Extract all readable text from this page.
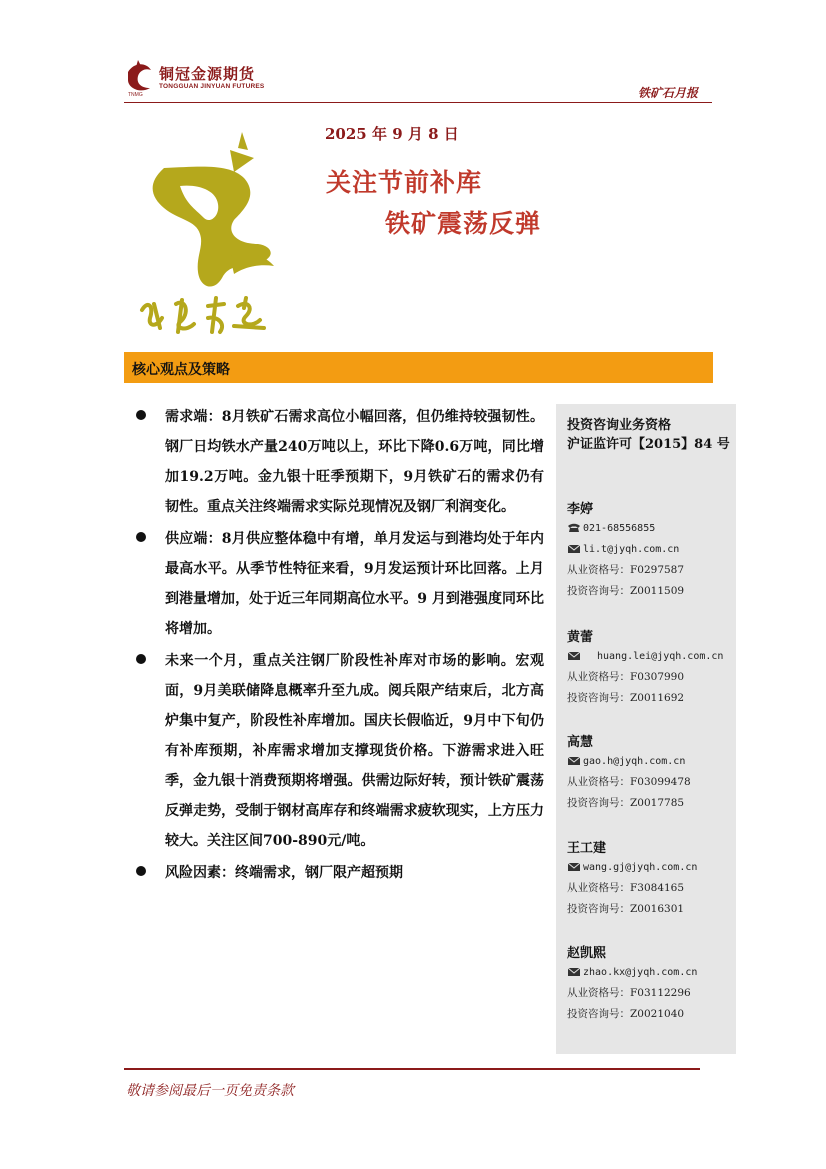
铜冠金源期货
TONGGUAN JINYUAN FUTURES
TNMG	铁矿石月报
2025 年 9 月 8 日
关注节前补库
铁矿震荡反弹
核心观点及策略
需求端：8月铁矿石需求高位小幅回落，但仍维持较强韧性。钢厂日均铁水产量240万吨以上，环比下降0.6万吨，同比增加19.2万吨。金九银十旺季预期下，9月铁矿石的需求仍有韧性。重点关注终端需求实际兑现情况及钢厂利润变化。
供应端：8月供应整体稳中有增，单月发运与到港均处于年内最高水平。从季节性特征来看，9月发运预计环比回落。上月到港量增加，处于近三年同期高位水平。9 月到港强度同环比将增加。
未来一个月，重点关注钢厂阶段性补库对市场的影响。宏观面，9月美联储降息概率升至九成。阅兵限产结束后，北方高炉集中复产，阶段性补库增加。国庆长假临近，9月中下旬仍有补库预期，补库需求增加支撑现货价格。下游需求进入旺季，金九银十消费预期将增强。供需边际好转，预计铁矿震荡反弹走势，受制于钢材高库存和终端需求疲软现实，上方压力较大。关注区间700-890元/吨。
风险因素：终端需求，钢厂限产超预期
投资咨询业务资格
沪证监许可【2015】84 号
李婷
021-68556855
li.t@jyqh.com.cn
从业资格号：F0297587
投资咨询号：Z0011509
黄蕾
huang.lei@jyqh.com.cn
从业资格号：F0307990
投资咨询号：Z0011692
高慧
gao.h@jyqh.com.cn
从业资格号：F03099478
投资咨询号：Z0017785
王工建
wang.gj@jyqh.com.cn
从业资格号：F3084165
投资咨询号：Z0016301
赵凯熙
zhao.kx@jyqh.com.cn
从业资格号：F03112296
投资咨询号：Z0021040
敬请参阅最后一页免责条款
